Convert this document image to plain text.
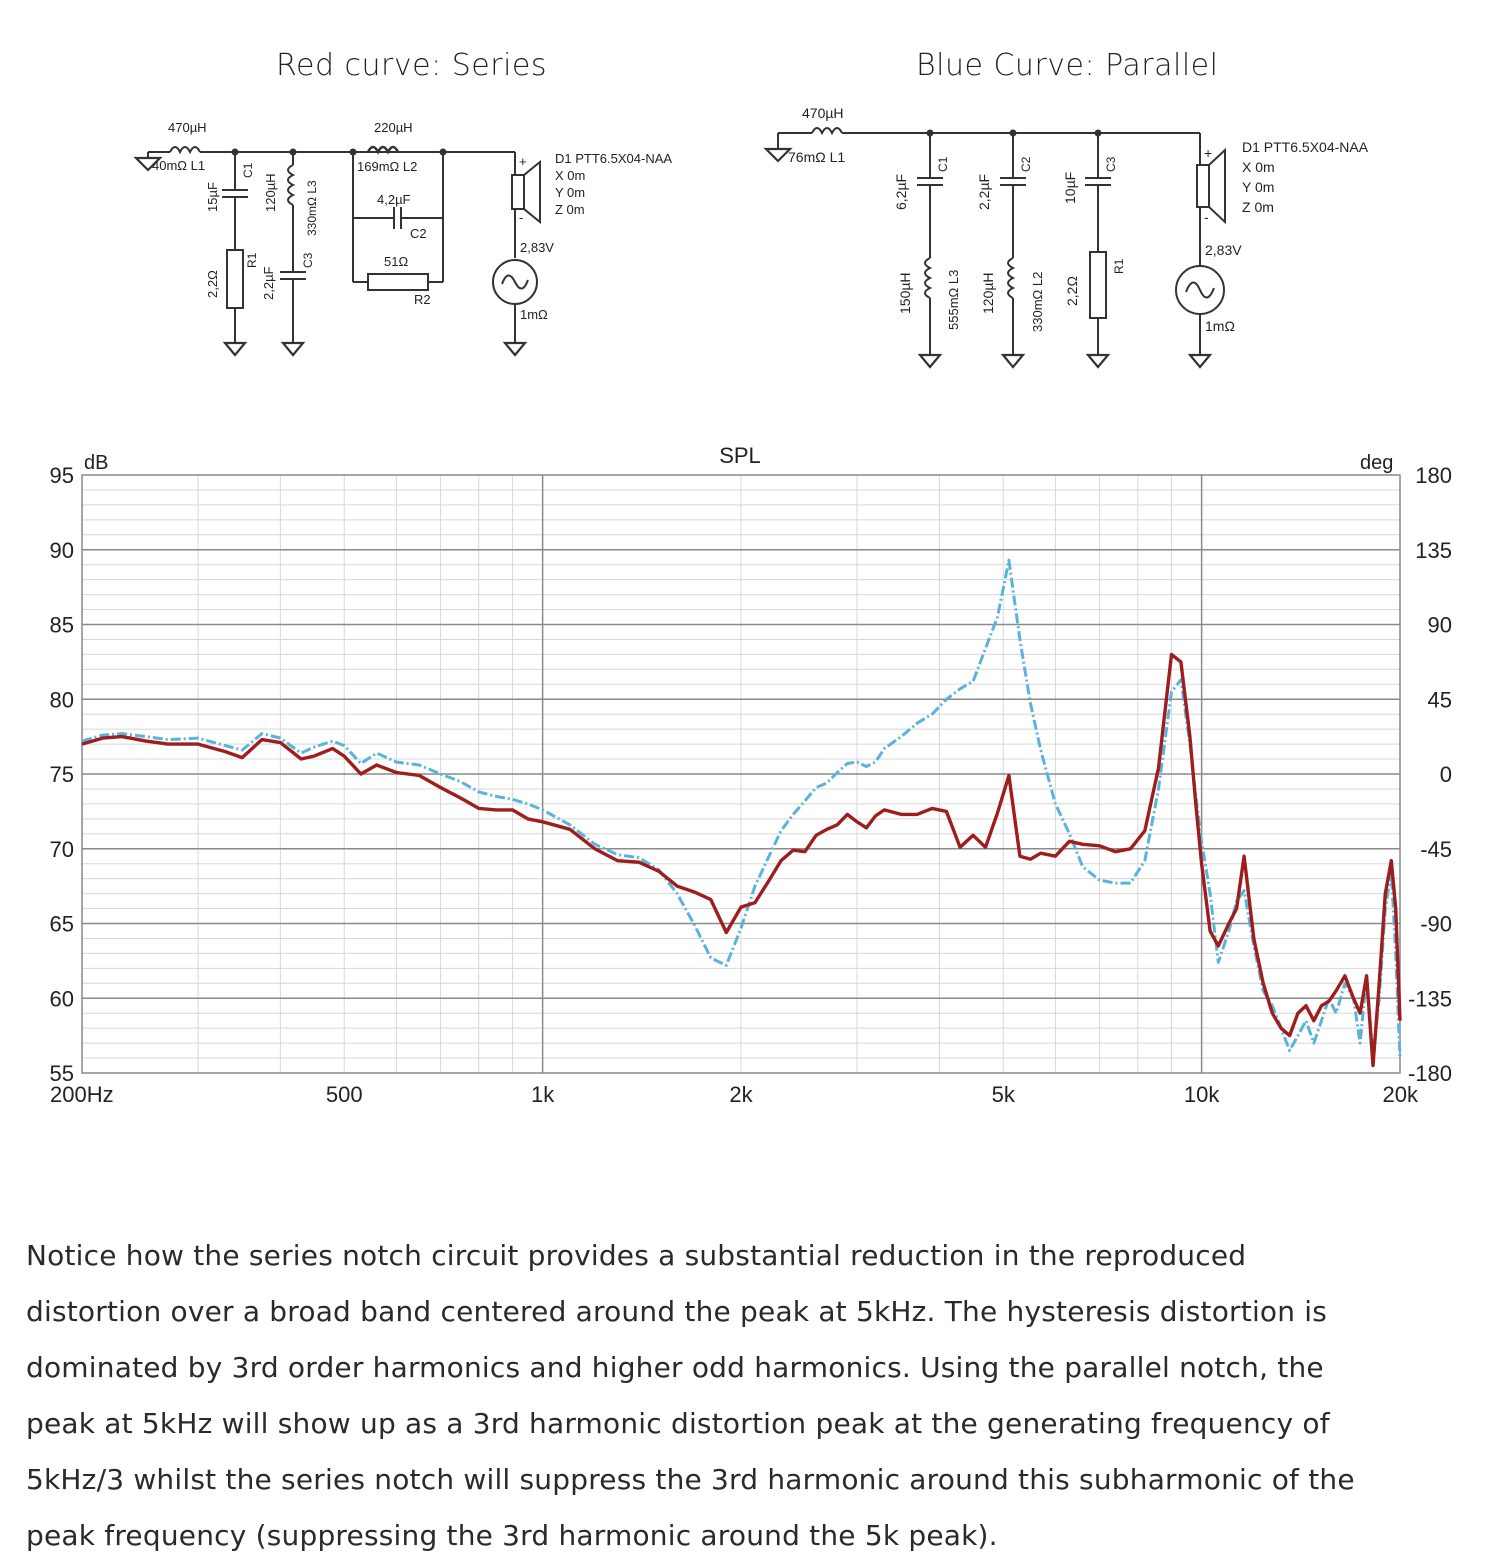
Red curve: Series	Blue Curve: Parallel
470µH
40mΩ L1	C1
15µF
2,2Ω
R1
120µH 330mΩ L3
2,2µF
C3
220µH
169mΩ L2
4,2µF
C2
51Ω
R2
D1 PTT6.5X04-NAA
X 0m
Y 0m
Z 0m
+
-
2,83V
1mΩ
470µH
76mΩ L1	C1
6,2µF
150µH	555mΩ L3
C2
2,2µF
120µH	330mΩ L2
C3
10µF
2,2Ω
R1
D1 PTT6.5X04-NAA
X 0m
Y 0m
Z 0m
+
-
2,83V
1mΩ
95
90
85
80
75
70
65
60
55
180
135
90
45
0
-45
-90
-135
-180
200Hz	500	1k	2k	5k	10k	20k
SPL
dB	deg
Notice how the series notch circuit provides a substantial reduction in the reproduced
distortion over a broad band centered around the peak at 5kHz. The hysteresis distortion is
dominated by 3rd order harmonics and higher odd harmonics. Using the parallel notch, the
peak at 5kHz will show up as a 3rd harmonic distortion peak at the generating frequency of
5kHz/3 whilst the series notch will suppress the 3rd harmonic around this subharmonic of the
peak frequency (suppressing the 3rd harmonic around the 5k peak).
